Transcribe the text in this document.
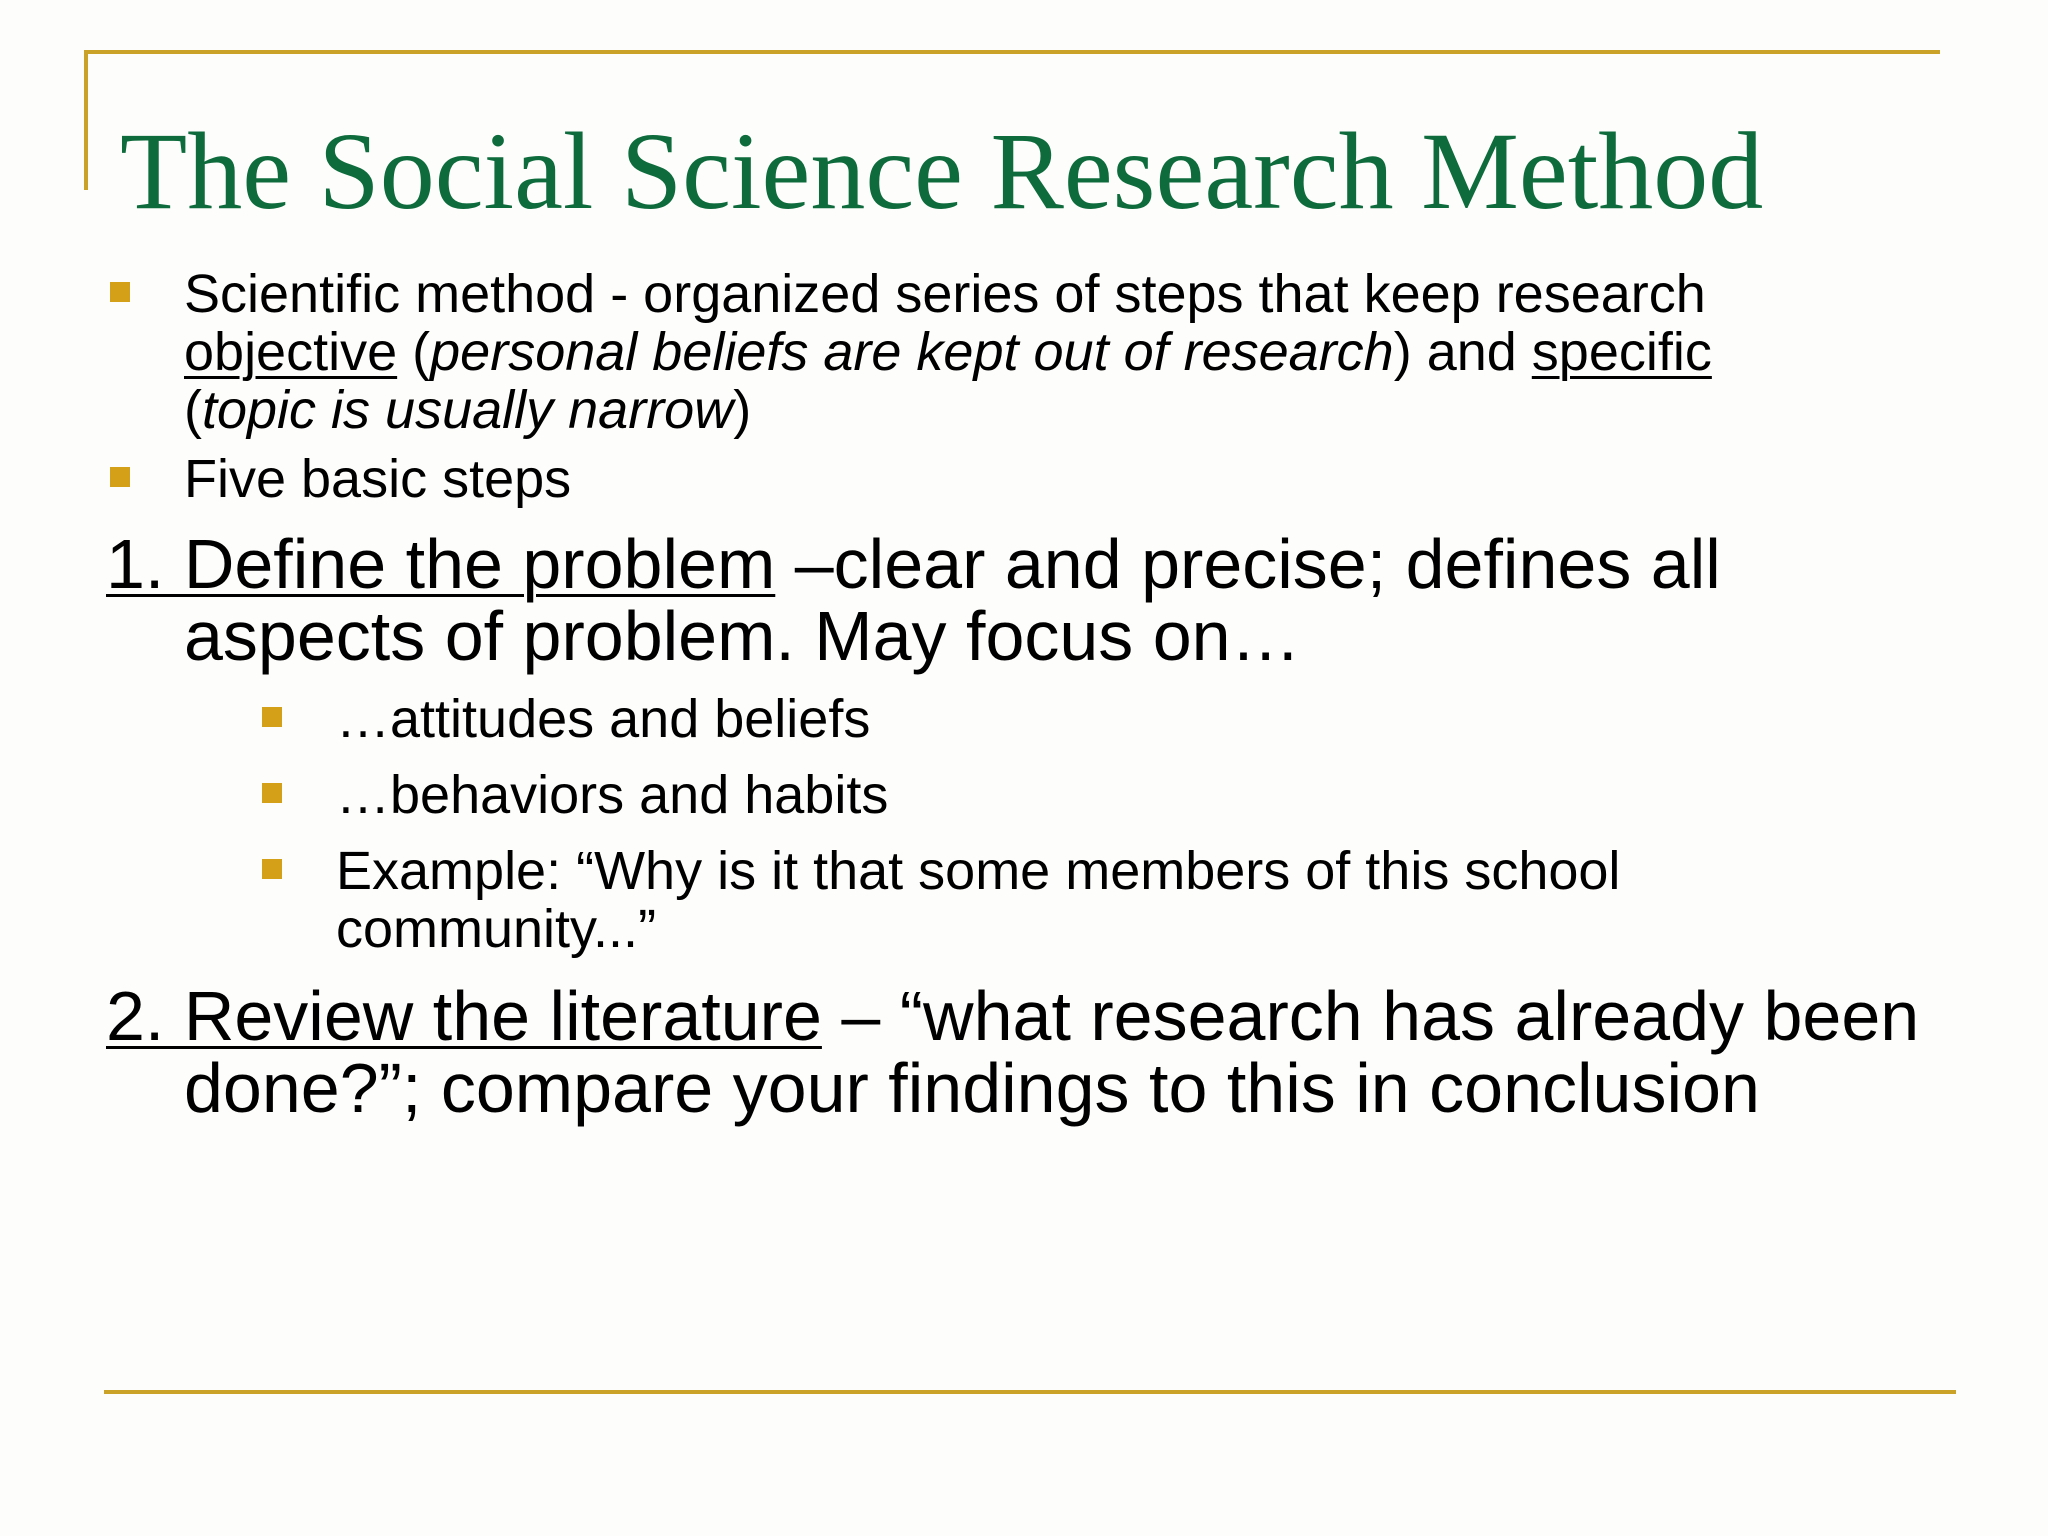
The Social Science Research Method
Scientific method - organized series of steps that keep research
objective (personal beliefs are kept out of research) and specific
(topic is usually narrow)
Five basic steps
1. Define the problem –clear and precise; defines all
aspects of problem. May focus on…
…attitudes and beliefs
…behaviors and habits
Example: “Why is it that some members of this school
community...”
2. Review the literature – “what research has already been
done?”; compare your findings to this in conclusion
